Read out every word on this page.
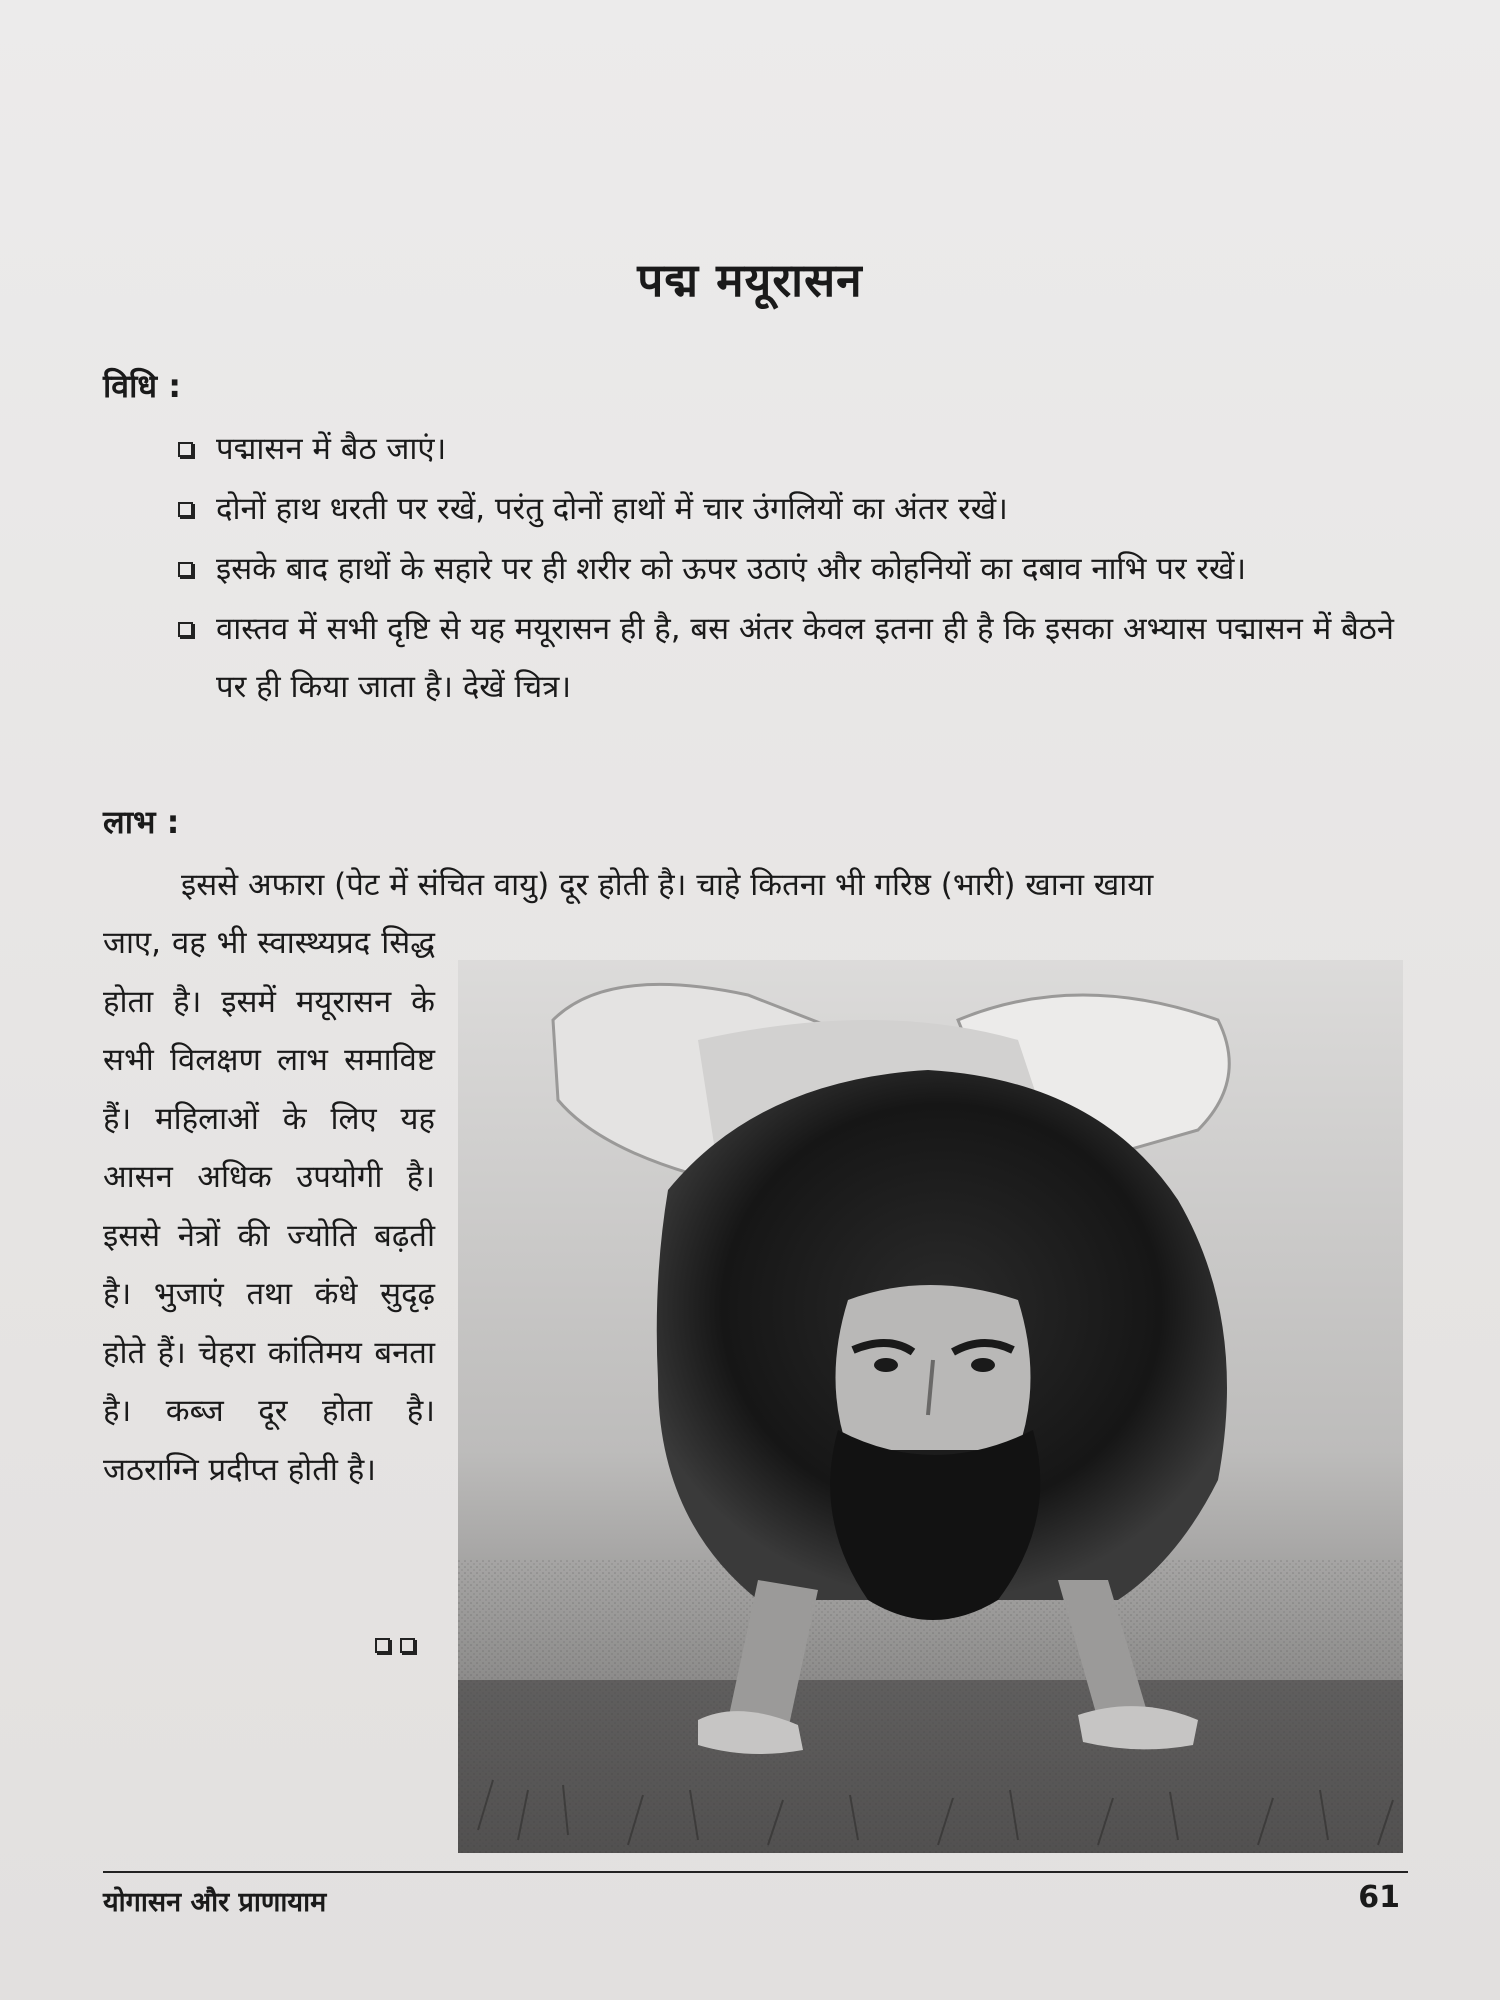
पद्म मयूरासन
विधि :
पद्मासन में बैठ जाएं।
दोनों हाथ धरती पर रखें, परंतु दोनों हाथों में चार उंगलियों का अंतर रखें।
इसके बाद हाथों के सहारे पर ही शरीर को ऊपर उठाएं और कोहनियों का दबाव नाभि पर रखें।
वास्तव में सभी दृष्टि से यह मयूरासन ही है, बस अंतर केवल इतना ही है कि इसका अभ्यास पद्मासन में बैठने पर ही किया जाता है। देखें चित्र।
लाभ :
इससे अफारा (पेट में संचित वायु) दूर होती है। चाहे कितना भी गरिष्ठ (भारी) खाना खाया
जाए, वह भी स्वास्थ्यप्रद सिद्ध होता है। इसमें मयूरासन के सभी विलक्षण लाभ समाविष्ट हैं। महिलाओं के लिए यह आसन अधिक उपयोगी है। इससे नेत्रों की ज्योति बढ़ती है। भुजाएं तथा कंधे सुदृढ़ होते हैं। चेहरा कांतिमय बनता है। कब्ज दूर होता है। जठराग्नि प्रदीप्त होती है।
योगासन और प्राणायाम	61
